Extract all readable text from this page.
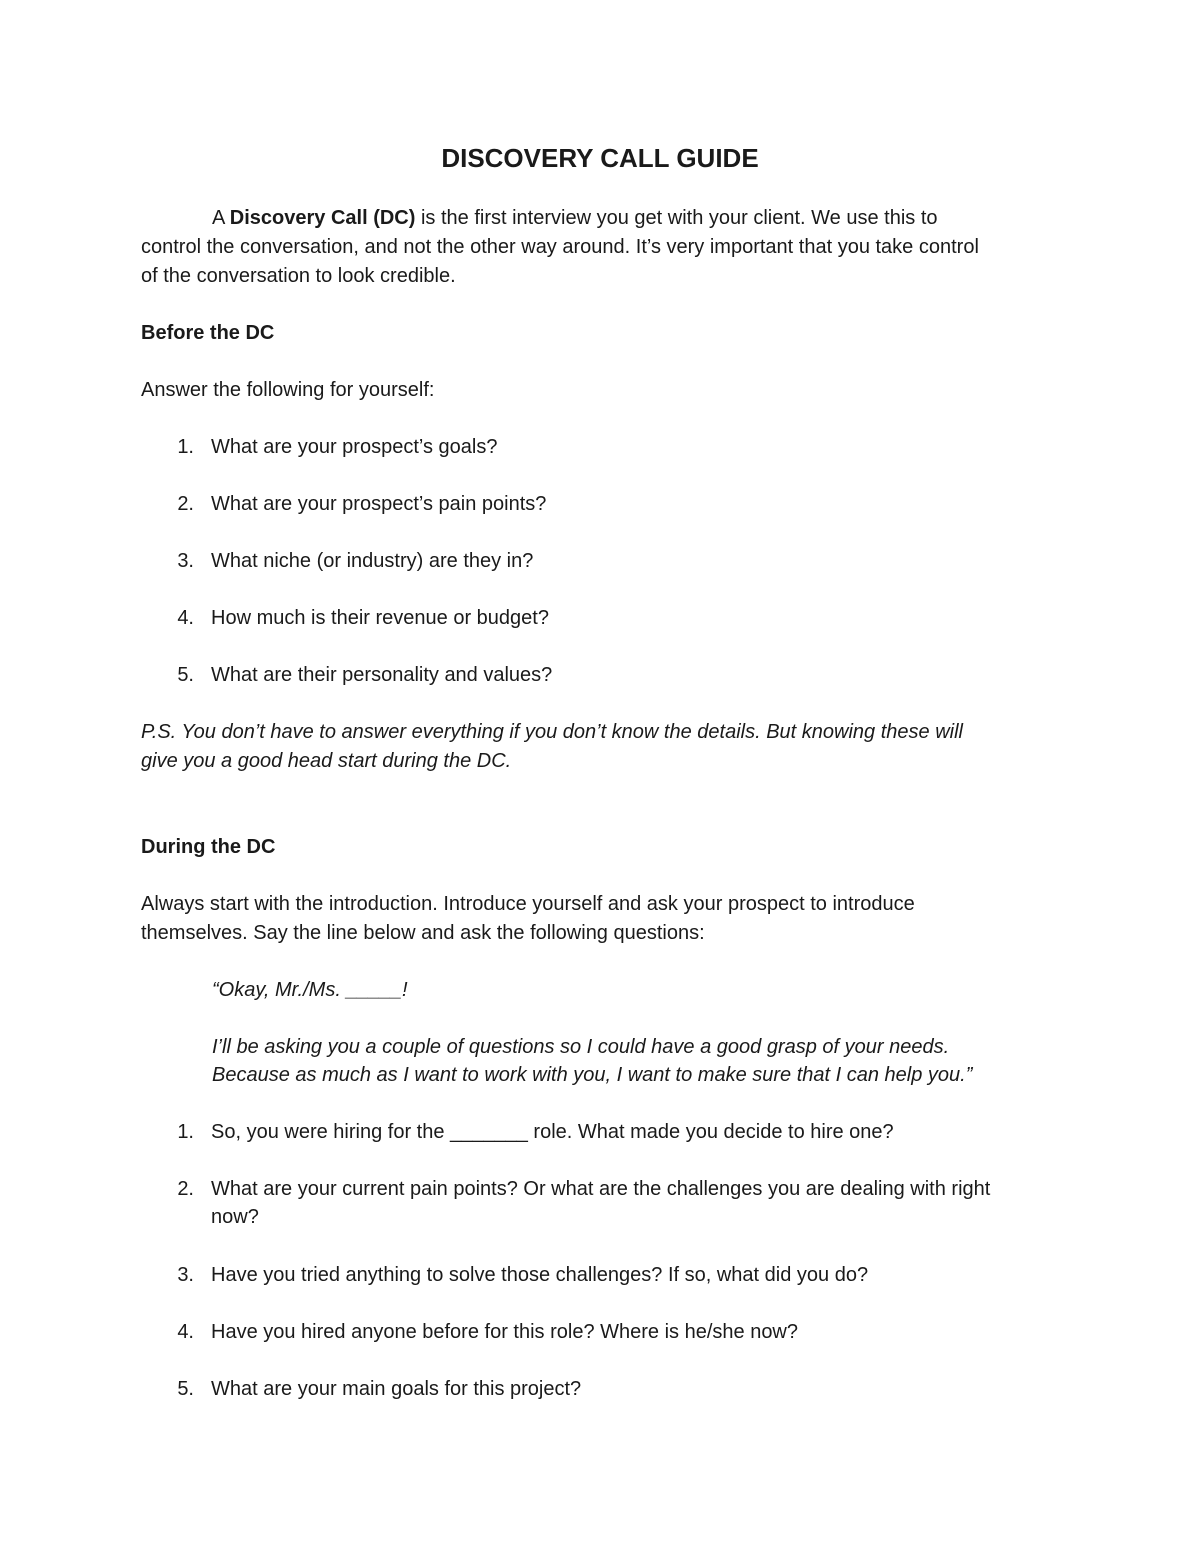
DISCOVERY CALL GUIDE
A Discovery Call (DC) is the first interview you get with your client. We use this to
control the conversation, and not the other way around. It’s very important that you take control
of the conversation to look credible.
Before the DC
Answer the following for yourself:
1. What are your prospect’s goals?
2. What are your prospect’s pain points?
3. What niche (or industry) are they in?
4. How much is their revenue or budget?
5. What are their personality and values?
P.S. You don’t have to answer everything if you don’t know the details. But knowing these will
give you a good head start during the DC.
During the DC
Always start with the introduction. Introduce yourself and ask your prospect to introduce
themselves. Say the line below and ask the following questions:
“Okay, Mr./Ms. _____!
I’ll be asking you a couple of questions so I could have a good grasp of your needs.
Because as much as I want to work with you, I want to make sure that I can help you.”
1. So, you were hiring for the _______ role. What made you decide to hire one?
2. What are your current pain points? Or what are the challenges you are dealing with right
now?
3. Have you tried anything to solve those challenges? If so, what did you do?
4. Have you hired anyone before for this role? Where is he/she now?
5. What are your main goals for this project?
